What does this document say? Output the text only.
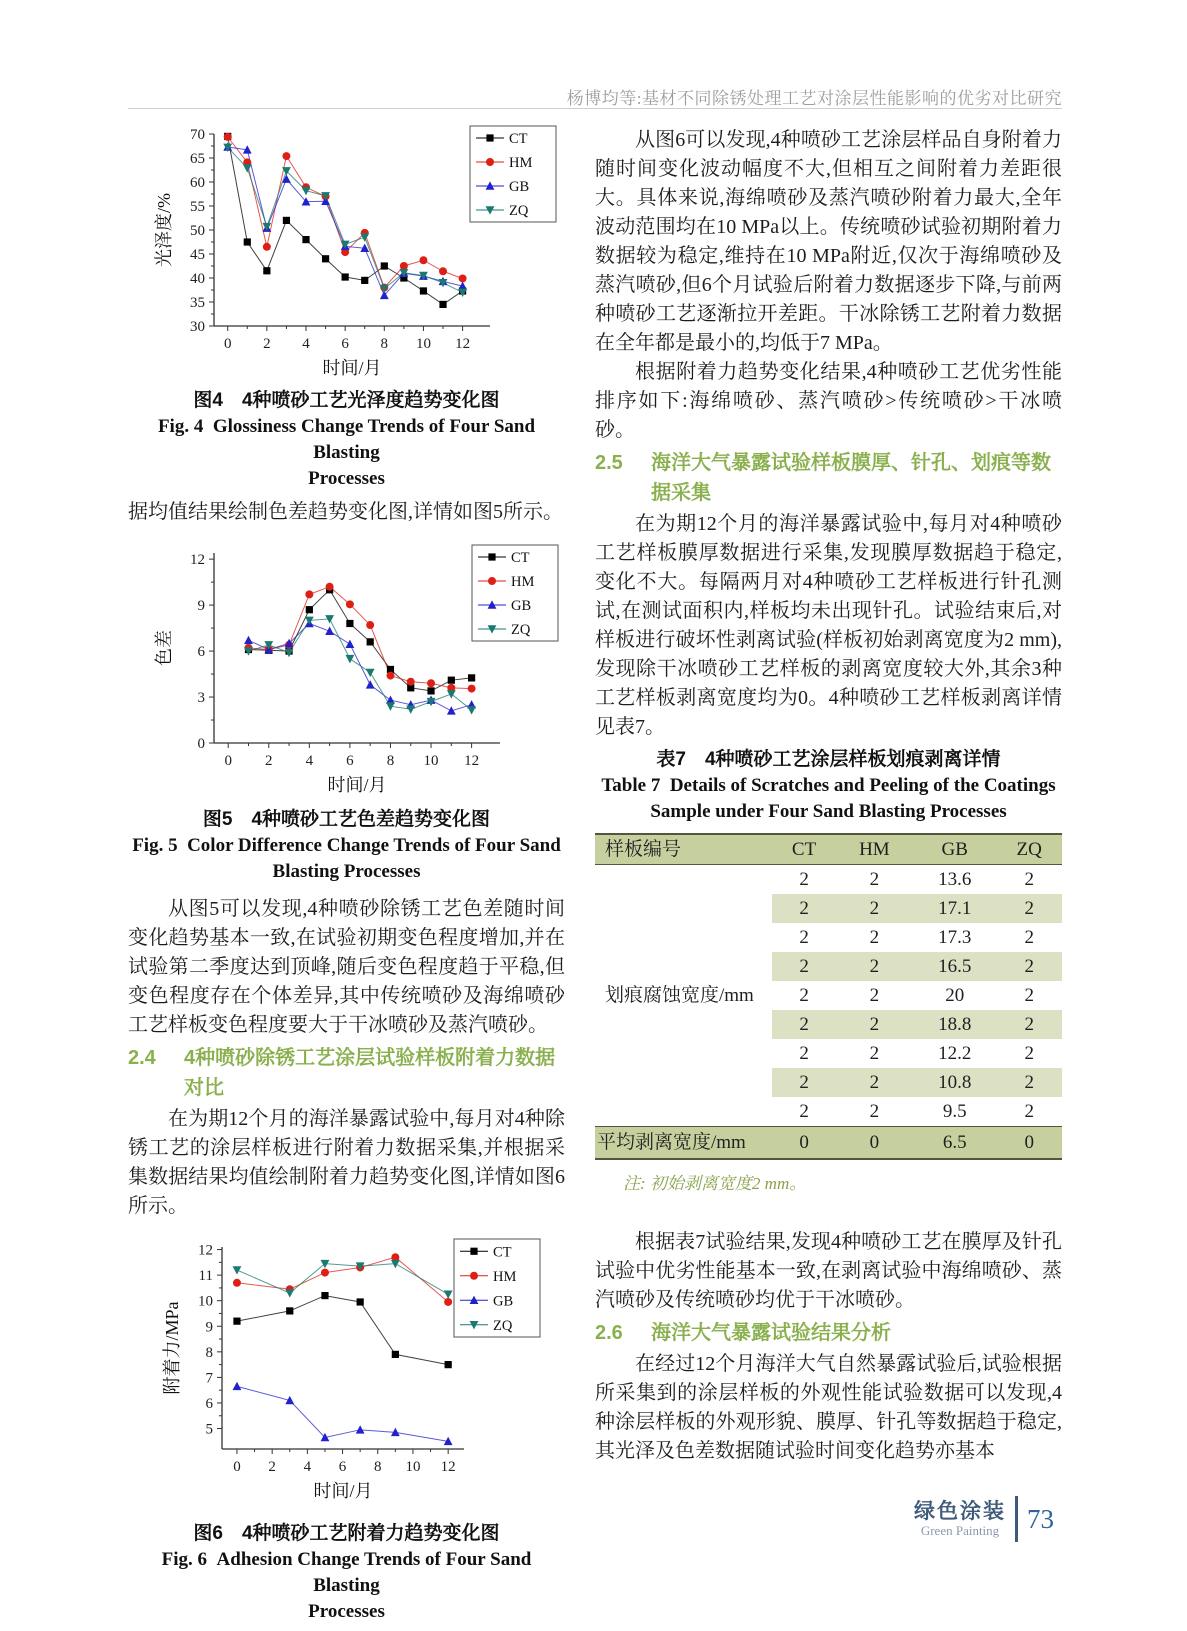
杨博均等:基材不同除锈处理工艺对涂层性能影响的优劣对比研究
0 2 4 6 8 10 12
30
35
40
45
50
55
60
65
70
时间/月
光泽度/%
CT
HM
GB
ZQ
图4　4种喷砂工艺光泽度趋势变化图
Fig. 4  Glossiness Change Trends of Four Sand Blasting
Processes

据均值结果绘制色差趋势变化图,详情如图5所示。

0 2 4 6 8 10 12
0
3
6
9
12
时间/月
色差
CT
HM
GB
ZQ
图5　4种喷砂工艺色差趋势变化图
Fig. 5  Color Difference Change Trends of Four Sand
Blasting Processes

从图5可以发现,4种喷砂除锈工艺色差随时间变化趋势基本一致,在试验初期变色程度增加,并在试验第二季度达到顶峰,随后变色程度趋于平稳,但变色程度存在个体差异,其中传统喷砂及海绵喷砂工艺样板变色程度要大于干冰喷砂及蒸汽喷砂。

2.4 4种喷砂除锈工艺涂层试验样板附着力数据对比

在为期12个月的海洋暴露试验中,每月对4种除锈工艺的涂层样板进行附着力数据采集,并根据采集数据结果均值绘制附着力趋势变化图,详情如图6所示。

0 2 4 6 8 10 12
5
6
7
8
9
10
11
12
时间/月
附着力/MPa
CT
HM
GB
ZQ
图6　4种喷砂工艺附着力趋势变化图
Fig. 6  Adhesion Change Trends of Four Sand Blasting
Processes

从图6可以发现,4种喷砂工艺涂层样品自身附着力随时间变化波动幅度不大,但相互之间附着力差距很大。具体来说,海绵喷砂及蒸汽喷砂附着力最大,全年波动范围均在10 MPa以上。传统喷砂试验初期附着力数据较为稳定,维持在10 MPa附近,仅次于海绵喷砂及蒸汽喷砂,但6个月试验后附着力数据逐步下降,与前两种喷砂工艺逐渐拉开差距。干冰除锈工艺附着力数据在全年都是最小的,均低于7 MPa。

根据附着力趋势变化结果,4种喷砂工艺优劣性能排序如下:海绵喷砂、蒸汽喷砂>传统喷砂>干冰喷砂。

2.5 海洋大气暴露试验样板膜厚、针孔、划痕等数据采集

在为期12个月的海洋暴露试验中,每月对4种喷砂工艺样板膜厚数据进行采集,发现膜厚数据趋于稳定,变化不大。每隔两月对4种喷砂工艺样板进行针孔测试,在测试面积内,样板均未出现针孔。试验结束后,对样板进行破坏性剥离试验(样板初始剥离宽度为2 mm),发现除干冰喷砂工艺样板的剥离宽度较大外,其余3种工艺样板剥离宽度均为0。4种喷砂工艺样板剥离详情见表7。

表7　4种喷砂工艺涂层样板划痕剥离详情
Table 7  Details of Scratches and Peeling of the Coatings
Sample under Four Sand Blasting Processes
样板编号	CT	HM	GB	ZQ
划痕腐蚀宽度/mm	2	2	13.6	2
	2	2	17.1	2
	2	2	17.3	2
	2	2	16.5	2
	2	2	20	2
	2	2	18.8	2
	2	2	12.2	2
	2	2	10.8	2
	2	2	9.5	2
平均剥离宽度/mm	0	0	6.5	0
注: 初始剥离宽度2 mm。

根据表7试验结果,发现4种喷砂工艺在膜厚及针孔试验中优劣性能基本一致,在剥离试验中海绵喷砂、蒸汽喷砂及传统喷砂均优于干冰喷砂。

2.6 海洋大气暴露试验结果分析

在经过12个月海洋大气自然暴露试验后,试验根据所采集到的涂层样板的外观性能试验数据可以发现,4种涂层样板的外观形貌、膜厚、针孔等数据趋于稳定,其光泽及色差数据随试验时间变化趋势亦基本

绿色涂装
Green Painting 73
